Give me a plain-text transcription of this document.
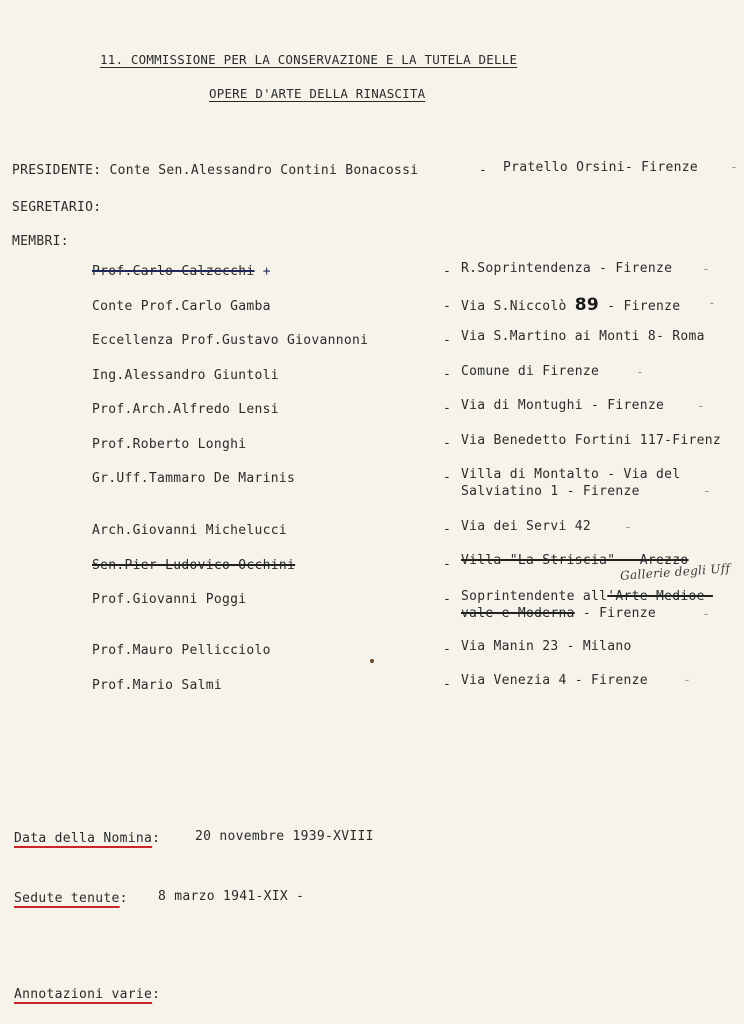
11. COMMISSIONE PER LA CONSERVAZIONE E LA TUTELA DELLE
OPERE D'ARTE DELLA RINASCITA
PRESIDENTE: Conte Sen.Alessandro Contini Bonacossi	- Pratello Orsini- Firenze -
SEGRETARIO:
MEMBRI:
Prof.Carlo Calzecchi +	- R.Soprintendenza - Firenze -
Conte Prof.Carlo Gamba	- Via S.Niccolò 89 - Firenze -
Eccellenza Prof.Gustavo Giovannoni	- Via S.Martino ai Monti 8- Roma
Ing.Alessandro Giuntoli	- Comune di Firenze	-
Prof.Arch.Alfredo Lensi	- Via di Montughi - Firenze	-
Prof.Roberto Longhi	- Via Benedetto Fortini 117-Firenz
Gr.Uff.Tammaro De Marinis	- Villa di Montalto - Via del
Salviatino 1 - Firenze	-
Arch.Giovanni Michelucci	- Via dei Servi 42	-
Sen.Pier Ludovico Occhini	- Villa "La Striscia" - Arezzo
Gallerie degli Uff
Prof.Giovanni Poggi	- Soprintendente all'Arte Medioe-
vale e Moderna - Firenze	-
Prof.Mauro Pellicciolo	- Via Manin 23 - Milano
Prof.Mario Salmi	- Via Venezia 4 - Firenze	-
Data della Nomina:	20 novembre 1939-XVIII
Sedute tenute: 8 marzo 1941-XIX -
Annotazioni varie:
